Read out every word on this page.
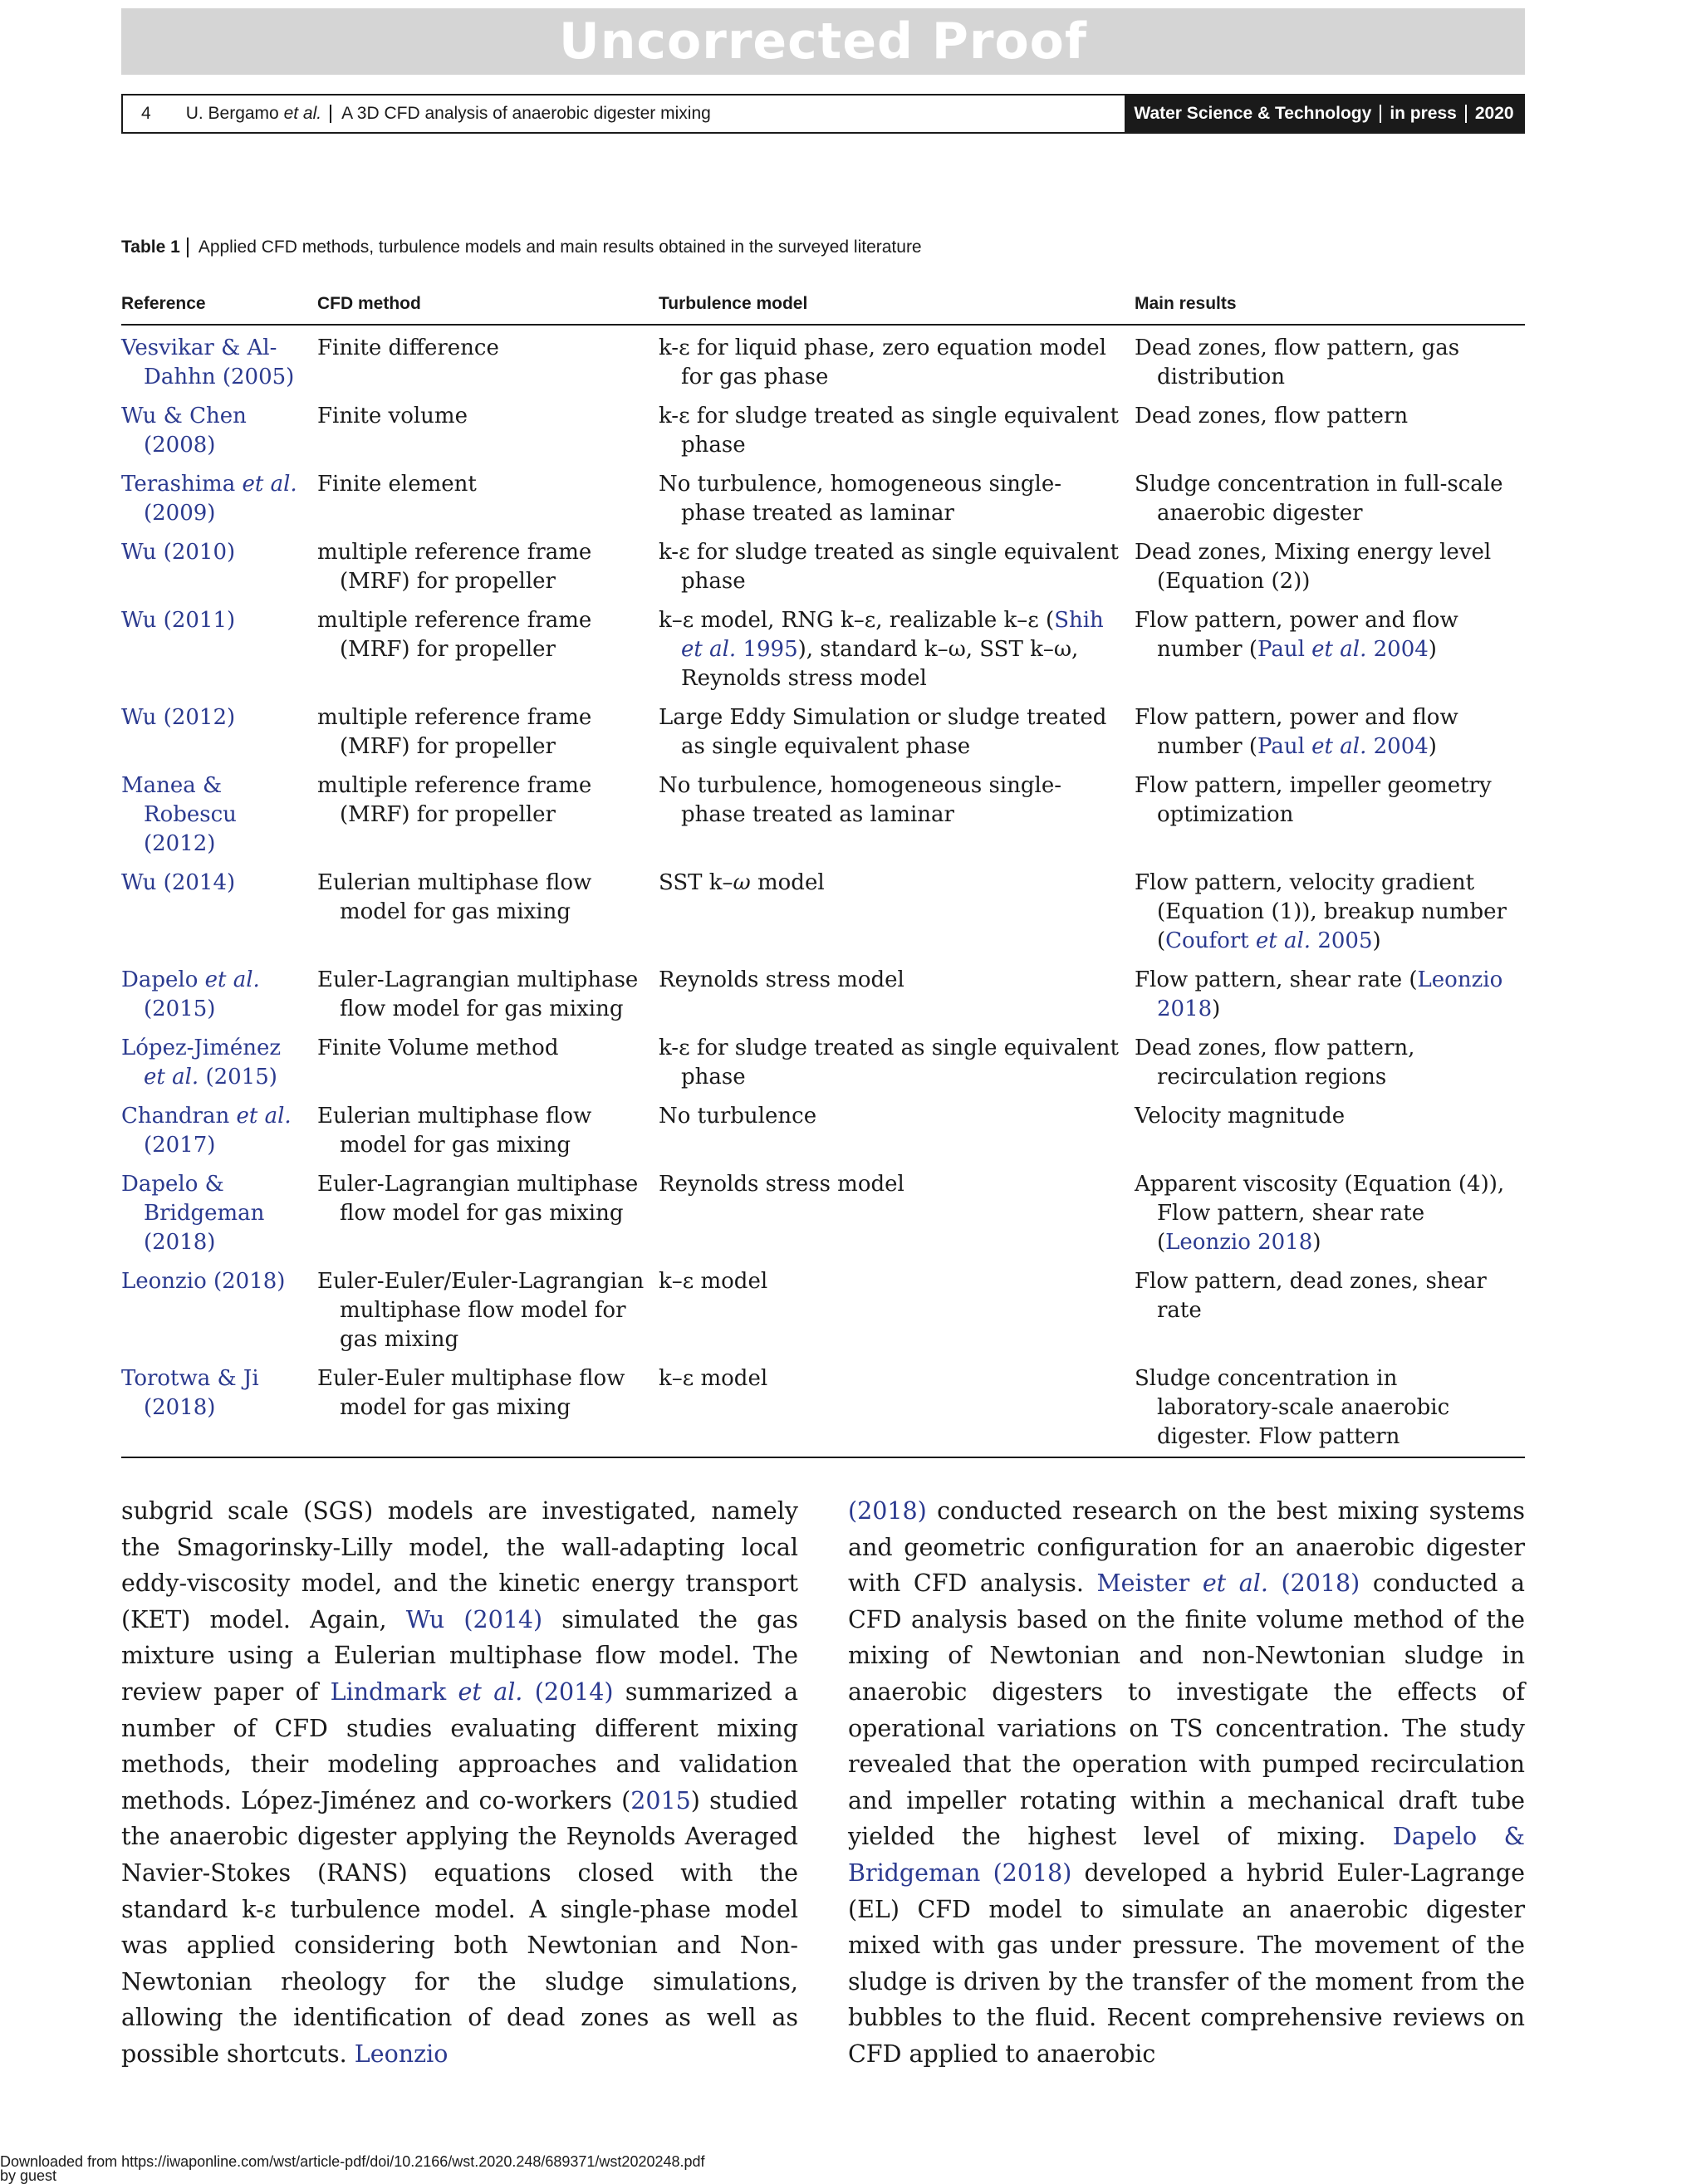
Uncorrected Proof
4 U. Bergamo et al. A 3D CFD analysis of anaerobic digester mixing	Water Science & Technology in press 2020
Table 1 Applied CFD methods, turbulence models and main results obtained in the surveyed literature
Reference	CFD method	Turbulence model	Main results
Vesvikar & Al-Dahhn (2005)	Finite difference	k-ε for liquid phase, zero equation model for gas phase	Dead zones, flow pattern, gas distribution
Wu & Chen (2008)	Finite volume	k-ε for sludge treated as single equivalent phase	Dead zones, flow pattern
Terashima et al. (2009)	Finite element	No turbulence, homogeneous single-phase treated as laminar	Sludge concentration in full-scale anaerobic digester
Wu (2010)	multiple reference frame (MRF) for propeller	k-ε for sludge treated as single equivalent phase	Dead zones, Mixing energy level (Equation (2))
Wu (2011)	multiple reference frame (MRF) for propeller	k–ε model, RNG k–ε, realizable k–ε (Shih et al. 1995), standard k–ω, SST k–ω, Reynolds stress model	Flow pattern, power and flow number (Paul et al. 2004)
Wu (2012)	multiple reference frame (MRF) for propeller	Large Eddy Simulation or sludge treated as single equivalent phase	Flow pattern, power and flow number (Paul et al. 2004)
Manea & Robescu (2012)	multiple reference frame (MRF) for propeller	No turbulence, homogeneous single-phase treated as laminar	Flow pattern, impeller geometry optimization
Wu (2014)	Eulerian multiphase flow model for gas mixing	SST k–ω model	Flow pattern, velocity gradient (Equation (1)), breakup number (Coufort et al. 2005)
Dapelo et al. (2015)	Euler-Lagrangian multiphase flow model for gas mixing	Reynolds stress model	Flow pattern, shear rate (Leonzio 2018)
López-Jiménez et al. (2015)	Finite Volume method	k-ε for sludge treated as single equivalent phase	Dead zones, flow pattern, recirculation regions
Chandran et al. (2017)	Eulerian multiphase flow model for gas mixing	No turbulence	Velocity magnitude
Dapelo & Bridgeman (2018)	Euler-Lagrangian multiphase flow model for gas mixing	Reynolds stress model	Apparent viscosity (Equation (4)), Flow pattern, shear rate (Leonzio 2018)
Leonzio (2018)	Euler-Euler/Euler-Lagrangian multiphase flow model for gas mixing	k–ε model	Flow pattern, dead zones, shear rate
Torotwa & Ji (2018)	Euler-Euler multiphase flow model for gas mixing	k–ε model	Sludge concentration in laboratory-scale anaerobic digester. Flow pattern

subgrid scale (SGS) models are investigated, namely the Smagorinsky-Lilly model, the wall-adapting local eddy-viscosity model, and the kinetic energy transport (KET) model. Again, Wu (2014) simulated the gas mixture using a Eulerian multiphase flow model. The review paper of Lindmark et al. (2014) summarized a number of CFD studies evaluating different mixing methods, their modeling approaches and validation methods. López-Jiménez and co-workers (2015) studied the anaerobic digester applying the Reynolds Averaged Navier-Stokes (RANS) equations closed with the standard k-ε turbulence model. A single-phase model was applied considering both Newtonian and Non-Newtonian rheology for the sludge simulations, allowing the identification of dead zones as well as possible shortcuts. Leonzio

(2018) conducted research on the best mixing systems and geometric configuration for an anaerobic digester with CFD analysis. Meister et al. (2018) conducted a CFD analysis based on the finite volume method of the mixing of Newtonian and non-Newtonian sludge in anaerobic digesters to investigate the effects of operational variations on TS concentration. The study revealed that the operation with pumped recirculation and impeller rotating within a mechanical draft tube yielded the highest level of mixing. Dapelo & Bridgeman (2018) developed a hybrid Euler-Lagrange (EL) CFD model to simulate an anaerobic digester mixed with gas under pressure. The movement of the sludge is driven by the transfer of the moment from the bubbles to the fluid. Recent comprehensive reviews on CFD applied to anaerobic

Downloaded from https://iwaponline.com/wst/article-pdf/doi/10.2166/wst.2020.248/689371/wst2020248.pdf
by guest
